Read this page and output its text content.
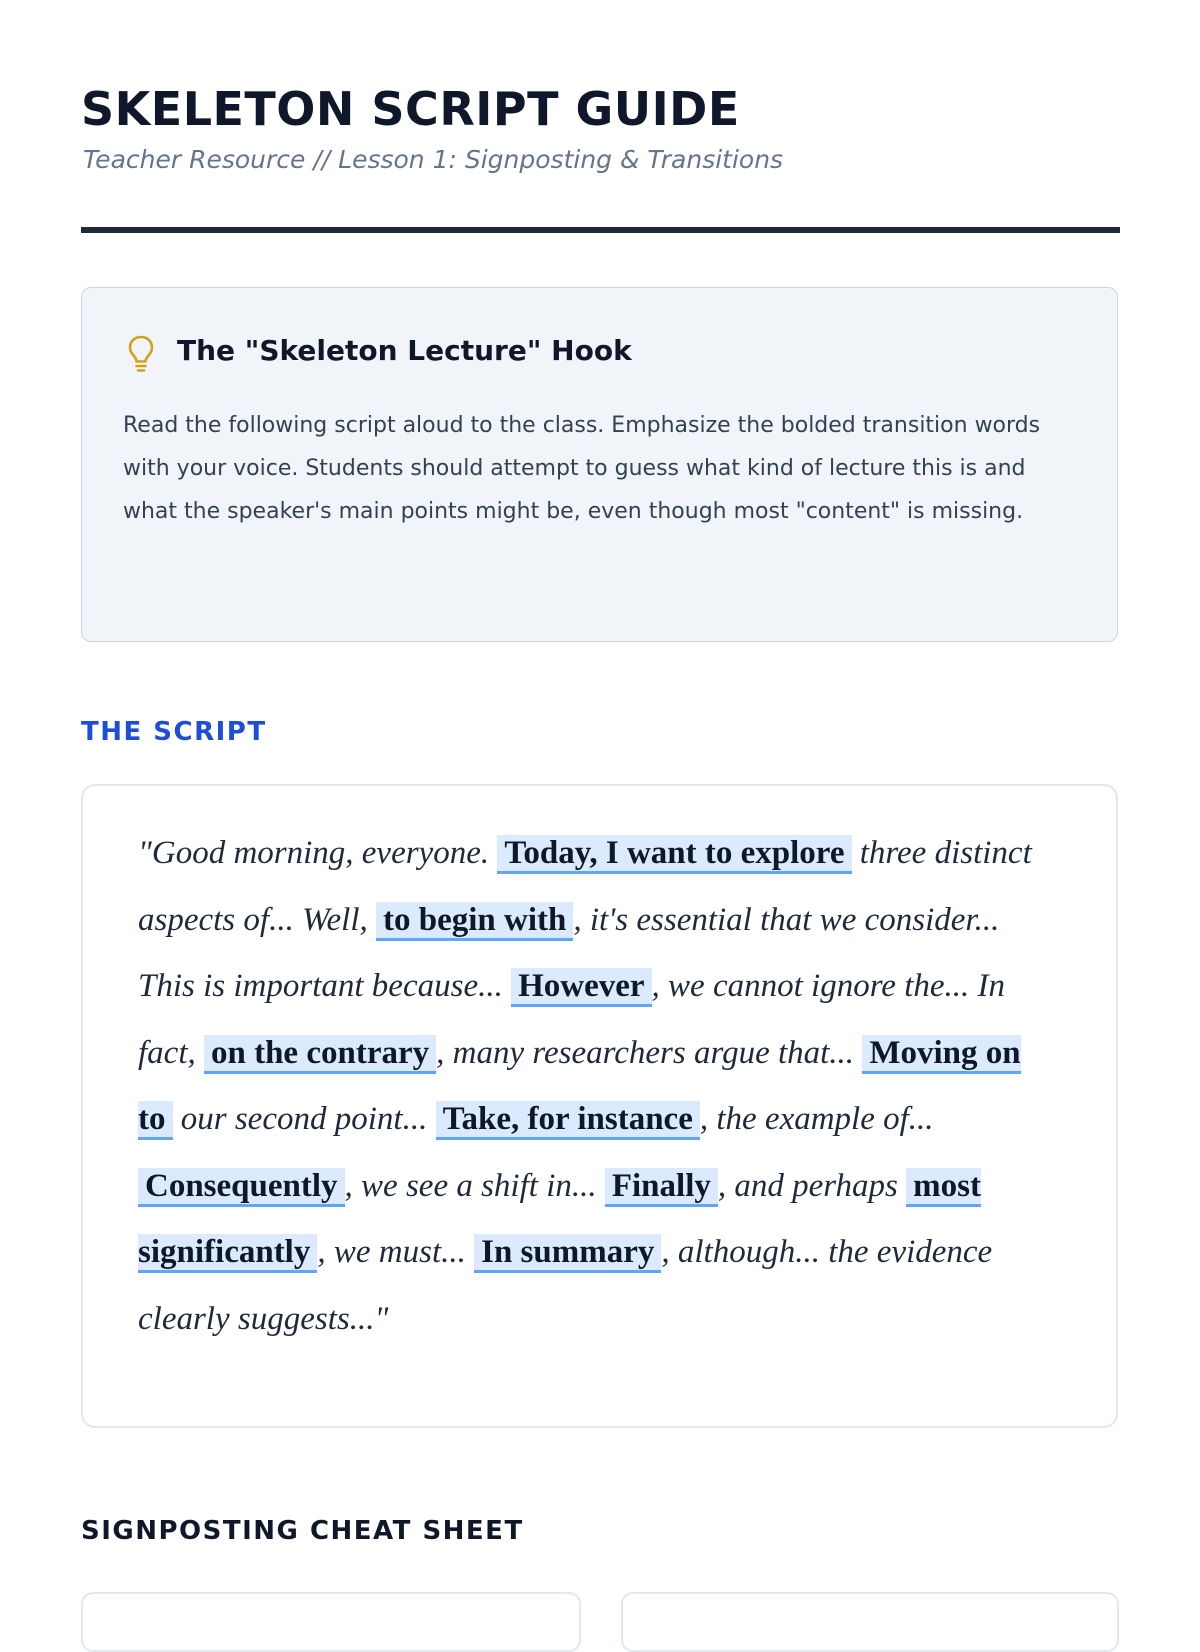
SKELETON SCRIPT GUIDE
Teacher Resource // Lesson 1: Signposting & Transitions
The "Skeleton Lecture" Hook
Read the following script aloud to the class. Emphasize the bolded transition words with your voice. Students should attempt to guess what kind of lecture this is and what the speaker's main points might be, even though most "content" is missing.
THE SCRIPT

"Good morning, everyone. Today, I want to explore three distinct aspects of... Well, to begin with , it's essential that we consider... This is important because... However , we cannot ignore the... In fact, on the contrary , many researchers argue that... Moving on to our second point... Take, for instance , the example of... Consequently , we see a shift in... Finally , and perhaps most significantly , we must... In summary , although... the evidence clearly suggests..."

SIGNPOSTING CHEAT SHEET
